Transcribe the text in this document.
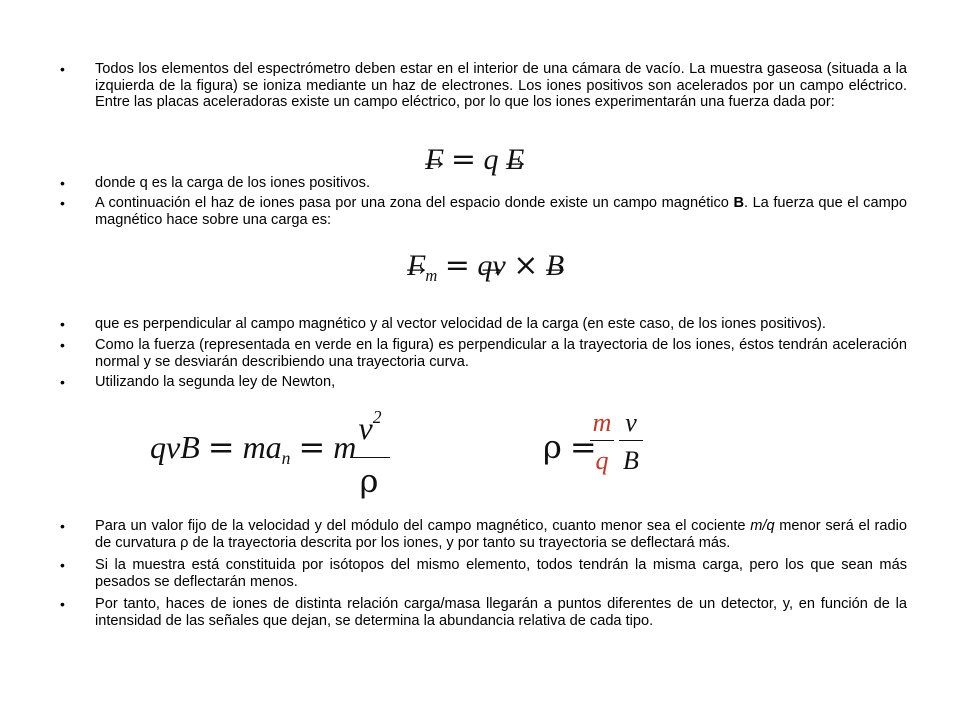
• Todos los elementos del espectrómetro deben estar en el interior de una cámara de vacío. La muestra gaseosa (situada a la izquierda de la figura) se ioniza mediante un haz de electrones. Los iones positivos son acelerados por un campo eléctrico. Entre las placas aceleradoras existe un campo eléctrico, por lo que los iones experimentarán una fuerza dada por:

→ F = q → E
• donde q es la carga de los iones positivos.

• A continuación el haz de iones pasa por una zona del espacio donde existe un campo magnético B. La fuerza que el campo magnético hace sobre una carga es:

→ Fm = → qv × → B
• que es perpendicular al campo magnético y al vector velocidad de la carga (en este caso, de los iones positivos).

• Como la fuerza (representada en verde en la figura) es perpendicular a la trayectoria de los iones, éstos tendrán aceleración normal y se desviarán describiendo una trayectoria curva.

• Utilizando la segunda ley de Newton,

qvB = man = m
$v^2$
ρ
ρ =
m v
q B
• Para un valor fijo de la velocidad y del módulo del campo magnético, cuanto menor sea el cociente m/q menor será el radio de curvatura ρ de la trayectoria descrita por los iones, y por tanto su trayectoria se deflectará más.

• Si la muestra está constituida por isótopos del mismo elemento, todos tendrán la misma carga, pero los que sean más pesados se deflectarán menos.

• Por tanto, haces de iones de distinta relación carga/masa llegarán a puntos diferentes de un detector, y, en función de la intensidad de las señales que dejan, se determina la abundancia relativa de cada tipo.
